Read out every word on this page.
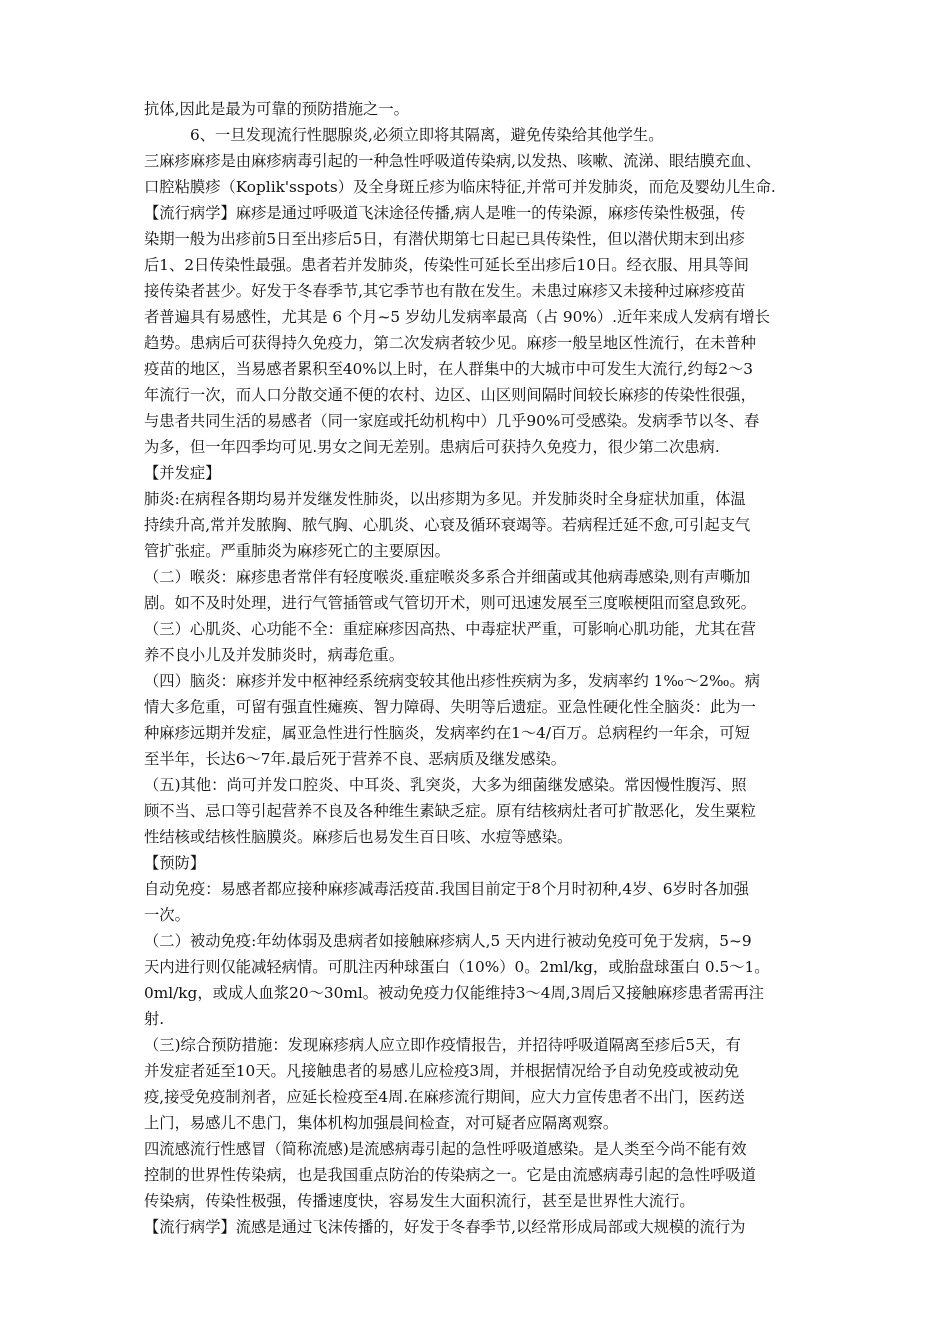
抗体,因此是最为可靠的预防措施之一。
6、一旦发现流行性腮腺炎,必须立即将其隔离，避免传染给其他学生。
三麻疹麻疹是由麻疹病毒引起的一种急性呼吸道传染病,以发热、咳嗽、流涕、眼结膜充血、
口腔粘膜疹（Koplik'sspots）及全身斑丘疹为临床特征,并常可并发肺炎，而危及婴幼儿生命.
【流行病学】麻疹是通过呼吸道飞沫途径传播,病人是唯一的传染源，麻疹传染性极强，传
染期一般为出疹前5日至出疹后5日，有潜伏期第七日起已具传染性，但以潜伏期末到出疹
后1、2日传染性最强。患者若并发肺炎，传染性可延长至出疹后10日。经衣服、用具等间
接传染者甚少。好发于冬春季节,其它季节也有散在发生。未患过麻疹又未接种过麻疹疫苗
者普遍具有易感性，尤其是 6 个月~5 岁幼儿发病率最高（占 90%）.近年来成人发病有增长
趋势。患病后可获得持久免疫力，第二次发病者较少见。麻疹一般呈地区性流行，在未普种
疫苗的地区，当易感者累积至40%以上时，在人群集中的大城市中可发生大流行,约每2～3
年流行一次，而人口分散交通不便的农村、边区、山区则间隔时间较长麻疹的传染性很强，
与患者共同生活的易感者（同一家庭或托幼机构中）几乎90%可受感染。发病季节以冬、春
为多，但一年四季均可见.男女之间无差别。患病后可获持久免疫力，很少第二次患病.
【并发症】
肺炎:在病程各期均易并发继发性肺炎，以出疹期为多见。并发肺炎时全身症状加重，体温
持续升高,常并发脓胸、脓气胸、心肌炎、心衰及循环衰竭等。若病程迁延不愈,可引起支气
管扩张症。严重肺炎为麻疹死亡的主要原因。
（二）喉炎：麻疹患者常伴有轻度喉炎.重症喉炎多系合并细菌或其他病毒感染,则有声嘶加
剧。如不及时处理，进行气管插管或气管切开术，则可迅速发展至三度喉梗阻而窒息致死。
（三）心肌炎、心功能不全：重症麻疹因高热、中毒症状严重，可影响心肌功能，尤其在营
养不良小儿及并发肺炎时，病毒危重。
（四）脑炎：麻疹并发中枢神经系统病变较其他出疹性疾病为多，发病率约 1‰～2‰。病
情大多危重，可留有强直性瘫痪、智力障碍、失明等后遗症。亚急性硬化性全脑炎：此为一
种麻疹远期并发症，属亚急性进行性脑炎，发病率约在1～4/百万。总病程约一年余，可短
至半年，长达6～7年.最后死于营养不良、恶病质及继发感染。
（五)其他：尚可并发口腔炎、中耳炎、乳突炎，大多为细菌继发感染。常因慢性腹泻、照
顾不当、忌口等引起营养不良及各种维生素缺乏症。原有结核病灶者可扩散恶化，发生粟粒
性结核或结核性脑膜炎。麻疹后也易发生百日咳、水痘等感染。
【预防】
自动免疫：易感者都应接种麻疹减毒活疫苗.我国目前定于8个月时初种,4岁、6岁时各加强
一次。
（二）被动免疫:年幼体弱及患病者如接触麻疹病人,5 天内进行被动免疫可免于发病，5~9
天内进行则仅能减轻病情。可肌注丙种球蛋白（10%）0。2ml/kg，或胎盘球蛋白 0.5～1。
0ml/kg，或成人血浆20～30ml。被动免疫力仅能维持3～4周,3周后又接触麻疹患者需再注
射.
（三)综合预防措施：发现麻疹病人应立即作疫情报告，并招待呼吸道隔离至疹后5天，有
并发症者延至10天。凡接触患者的易感儿应检疫3周，并根据情况给予自动免疫或被动免
疫,接受免疫制剂者，应延长检疫至4周.在麻疹流行期间，应大力宣传患者不出门，医药送
上门，易感儿不患门，集体机构加强晨间检查，对可疑者应隔离观察。
四流感流行性感冒（简称流感)是流感病毒引起的急性呼吸道感染。是人类至今尚不能有效
控制的世界性传染病，也是我国重点防治的传染病之一。它是由流感病毒引起的急性呼吸道
传染病，传染性极强，传播速度快，容易发生大面积流行，甚至是世界性大流行。
【流行病学】流感是通过飞沫传播的，好发于冬春季节,以经常形成局部或大规模的流行为
